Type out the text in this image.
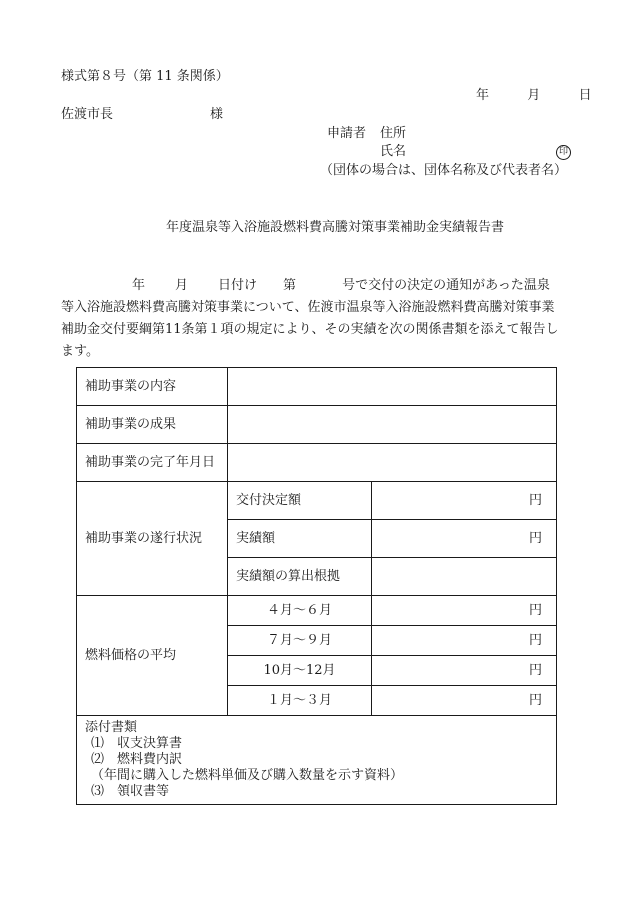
様式第８号（第 11 条関係）
年	月	日
佐渡市長	様
申請者 住所
氏名	印
（団体の場合は、団体名称及び代表者名）
年度温泉等入浴施設燃料費高騰対策事業補助金実績報告書
年 月 日付け 第	号で交付の決定の通知があった温泉
等入浴施設燃料費高騰対策事業について、佐渡市温泉等入浴施設燃料費高騰対策事業
補助金交付要綱第11条第１項の規定により、その実績を次の関係書類を添えて報告し
ます。
補助事業の内容		
補助事業の成果		
補助事業の完了年月日		
補助事業の遂行状況	交付決定額	円
	実績額	円
	実績額の算出根拠	
燃料価格の平均	４月～６月	円
	７月～９月	円
	10月～12月	円
	１月～３月	円

添付書類
⑴　収支決算書
⑵　燃料費内訳
（年間に購入した燃料単価及び購入数量を示す資料）
⑶　領収書等		
